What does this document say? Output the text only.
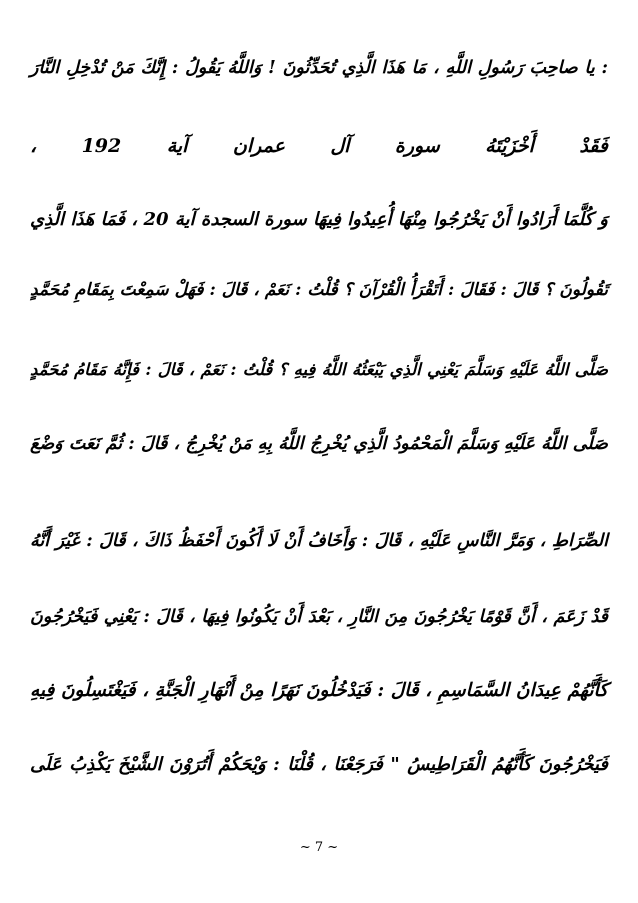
: يا صاحِبَ رَسُولِ اللَّهِ ، مَا هَذَا الَّذِي تُحَدِّثُونَ ! وَاللَّهُ يَقُولُ : إِنَّكَ مَنْ تُدْخِلِ النَّارَ
فَقَدْ أَخْزَيْتَهُ سورة آل عمران آية 192 ،
وَ كُلَّمَا أَرَادُوا أَنْ يَخْرُجُوا مِنْهَا أُعِيدُوا فِيهَا سورة السجدة آية 20 ، فَمَا هَذَا الَّذِي
تَقُولُونَ ؟ قَالَ : فَقَالَ : أَتَقْرَأُ الْقُرْآنَ ؟ قُلْتُ : نَعَمْ ، قَالَ : فَهَلْ سَمِعْتَ بِمَقَامِ مُحَمَّدٍ
صَلَّى اللَّهُ عَلَيْهِ وَسَلَّمَ يَعْنِي الَّذِي يَبْعَثُهُ اللَّهُ فِيهِ ؟ قُلْتُ : نَعَمْ ، قَالَ : فَإِنَّهُ مَقَامُ مُحَمَّدٍ
صَلَّى اللَّهُ عَلَيْهِ وَسَلَّمَ الْمَحْمُودُ الَّذِي يُخْرِجُ اللَّهُ بِهِ مَنْ يُخْرِجُ ، قَالَ : ثُمَّ نَعَتَ وَضْعَ
الصِّرَاطِ ، وَمَرَّ النَّاسِ عَلَيْهِ ، قَالَ : وَأَخَافُ أَنْ لَا أَكُونَ أَحْفَظُ ذَاكَ ، قَالَ : غَيْرَ أَنَّهُ
قَدْ زَعَمَ ، أَنَّ قَوْمًا يَخْرُجُونَ مِنَ النَّارِ ، بَعْدَ أَنْ يَكُونُوا فِيهَا ، قَالَ : يَعْنِي فَيَخْرُجُونَ
كَأَنَّهُمْ عِيدَانُ السَّمَاسِمِ ، قَالَ : فَيَدْخُلُونَ نَهَرًا مِنْ أَنْهَارِ الْجَنَّةِ ، فَيَغْتَسِلُونَ فِيهِ
فَيَخْرُجُونَ كَأَنَّهُمُ الْقَرَاطِيسُ " فَرَجَعْنَا ، قُلْنَا : وَيْحَكُمْ أَتُرَوْنَ الشَّيْخَ يَكْذِبُ عَلَى
~ 7 ~
